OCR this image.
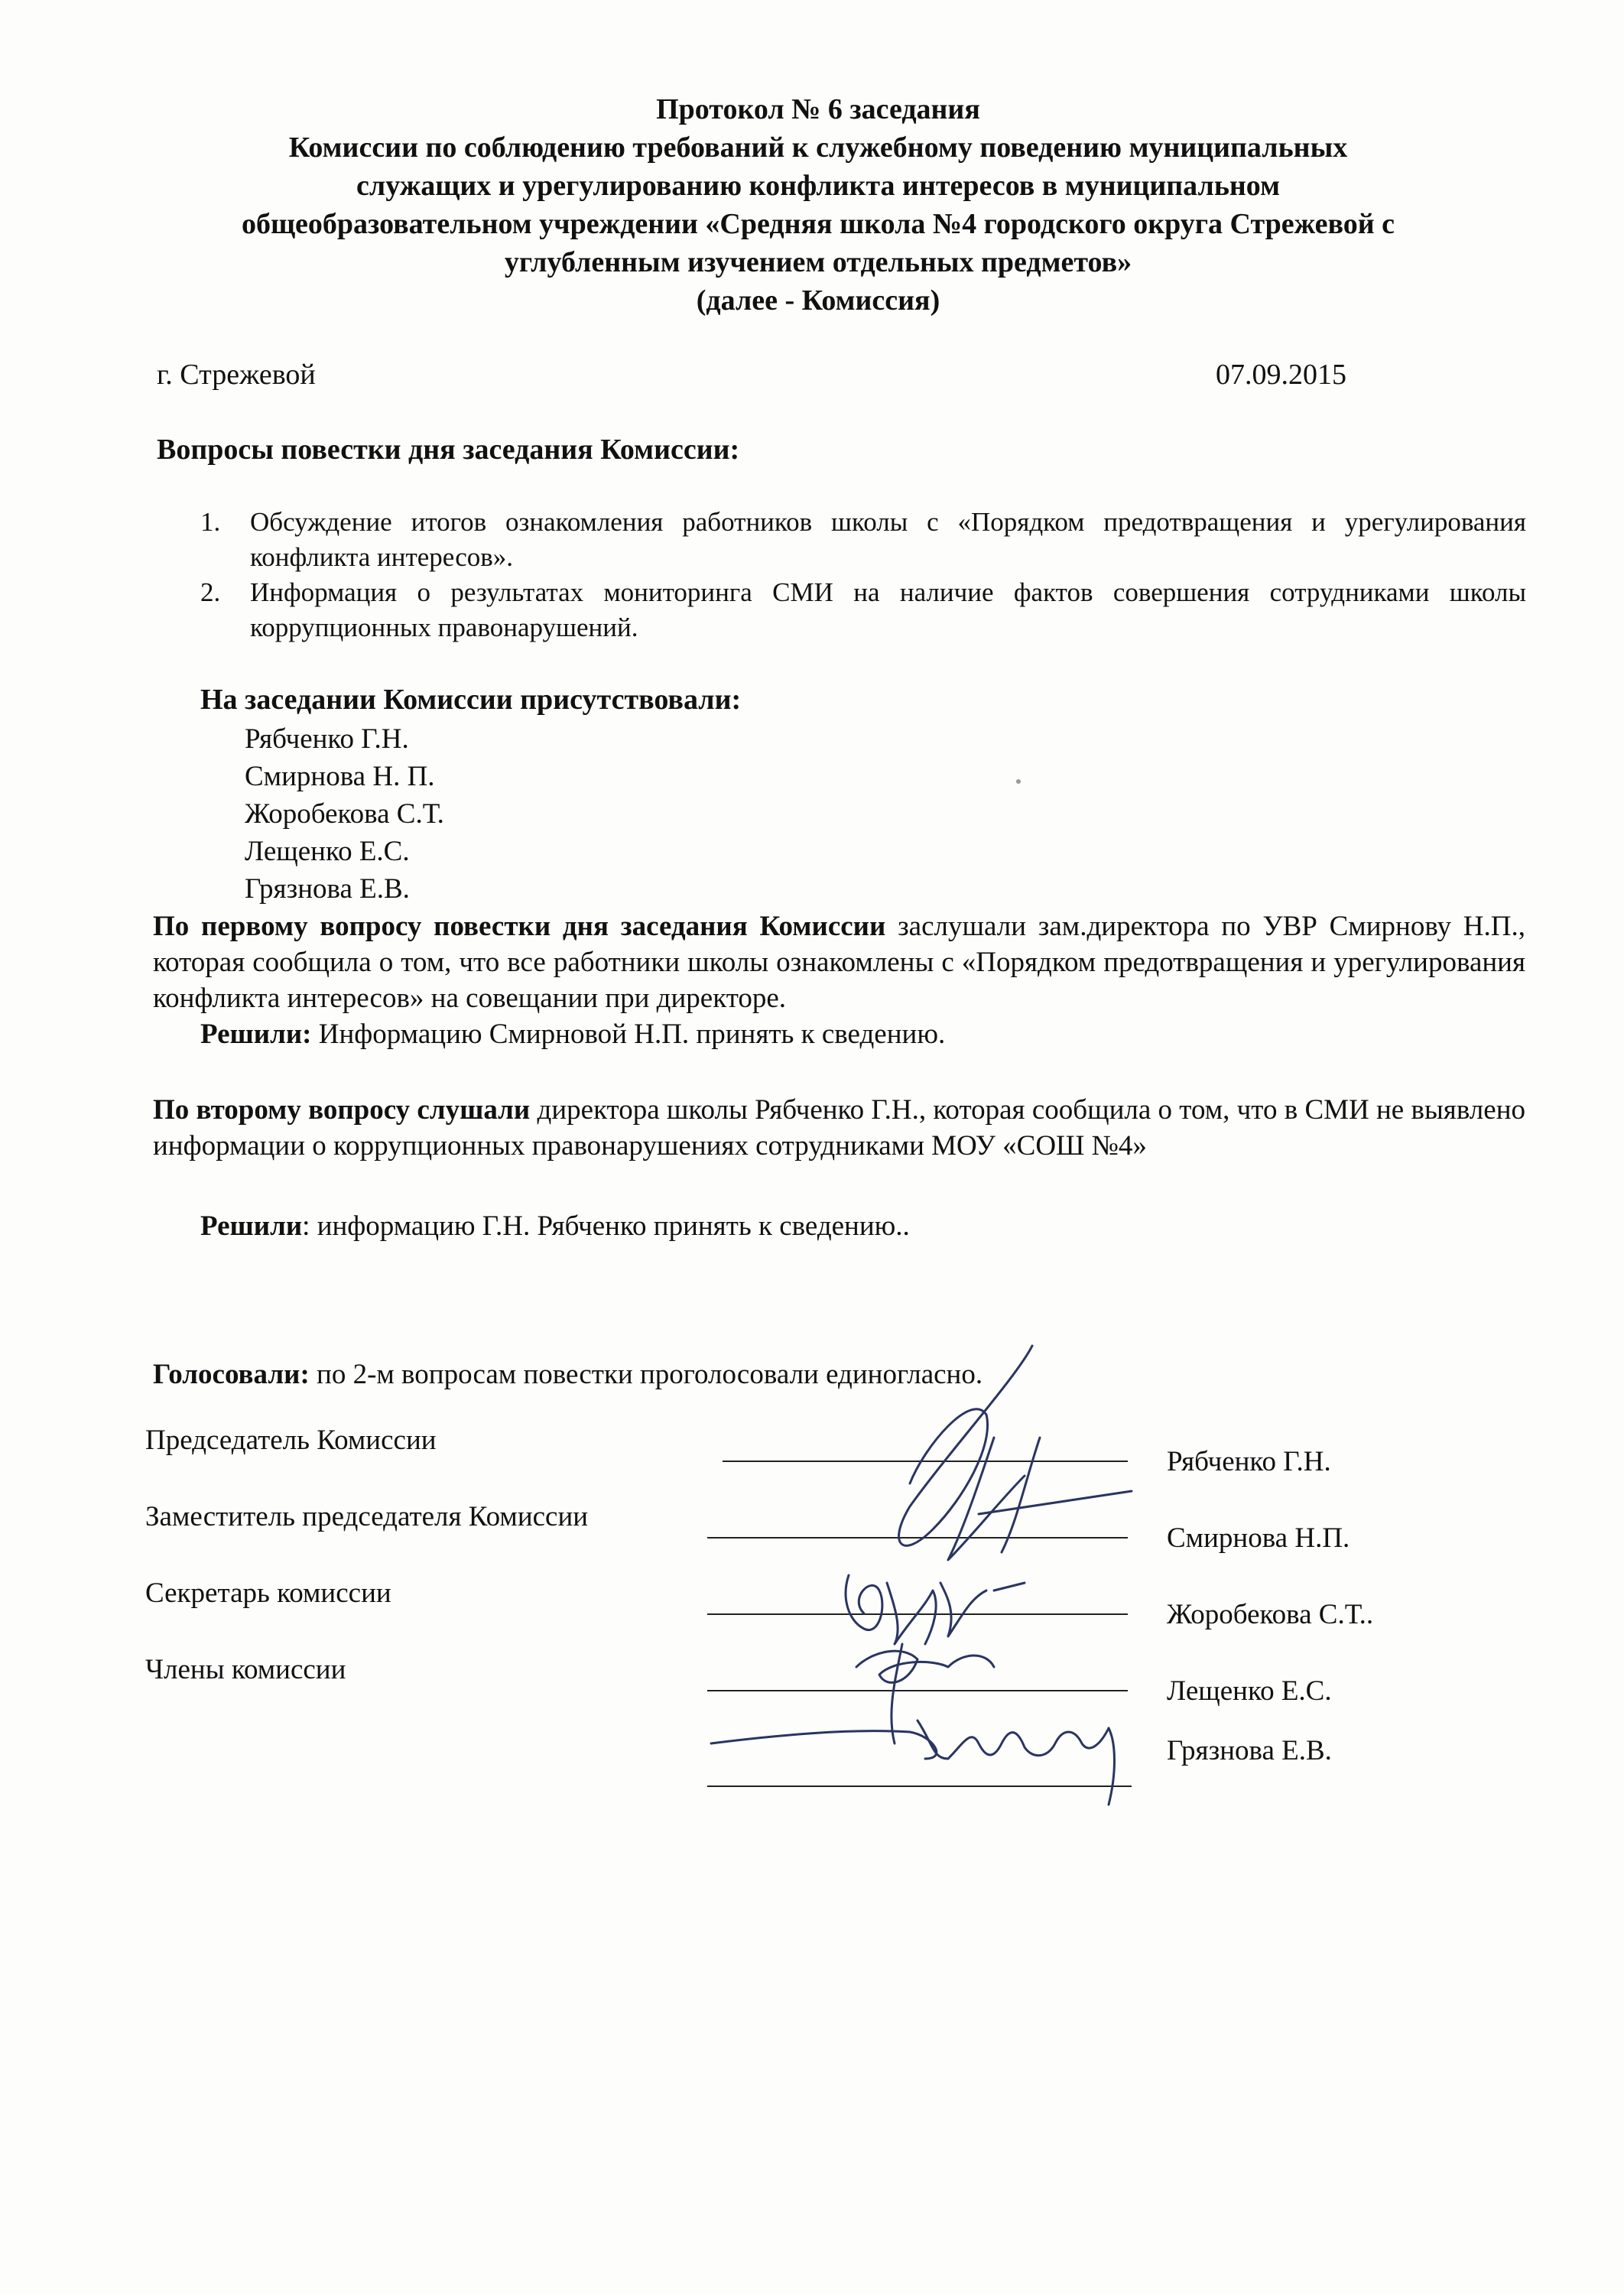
Протокол № 6 заседания
Комиссии по соблюдению требований к служебному поведению муниципальных
служащих и урегулированию конфликта интересов в муниципальном
общеобразовательном учреждении «Средняя школа №4 городского округа Стрежевой с
углубленным изучением отдельных предметов»
(далее - Комиссия)
г. Стрежевой	07.09.2015
Вопросы повестки дня заседания Комиссии:
1. Обсуждение итогов ознакомления работников школы с «Порядком предотвращения и урегулирования конфликта интересов».
2. Информация о результатах мониторинга СМИ на наличие фактов совершения сотрудниками школы коррупционных правонарушений.
На заседании Комиссии присутствовали:
Рябченко Г.Н.
Смирнова Н. П.
Жоробекова С.Т.
Лещенко Е.С.
Грязнова Е.В.
По первому вопросу повестки дня заседания Комиссии заслушали зам.директора по УВР Смирнову Н.П., которая сообщила о том, что все работники школы ознакомлены с «Порядком предотвращения и урегулирования конфликта интересов» на совещании при директоре.
Решили: Информацию Смирновой Н.П. принять к сведению.
По второму вопросу слушали директора школы Рябченко Г.Н., которая сообщила о том, что в СМИ не выявлено информации о коррупционных правонарушениях сотрудниками МОУ «СОШ №4»
Решили: информацию Г.Н. Рябченко принять к сведению..
Голосовали: по 2-м вопросам повестки проголосовали единогласно.
Председатель Комиссии
Рябченко Г.Н.
Заместитель председателя Комиссии
Смирнова Н.П.
Секретарь комиссии
Жоробекова С.Т..
Члены комиссии
Лещенко Е.С.
Грязнова Е.В.
